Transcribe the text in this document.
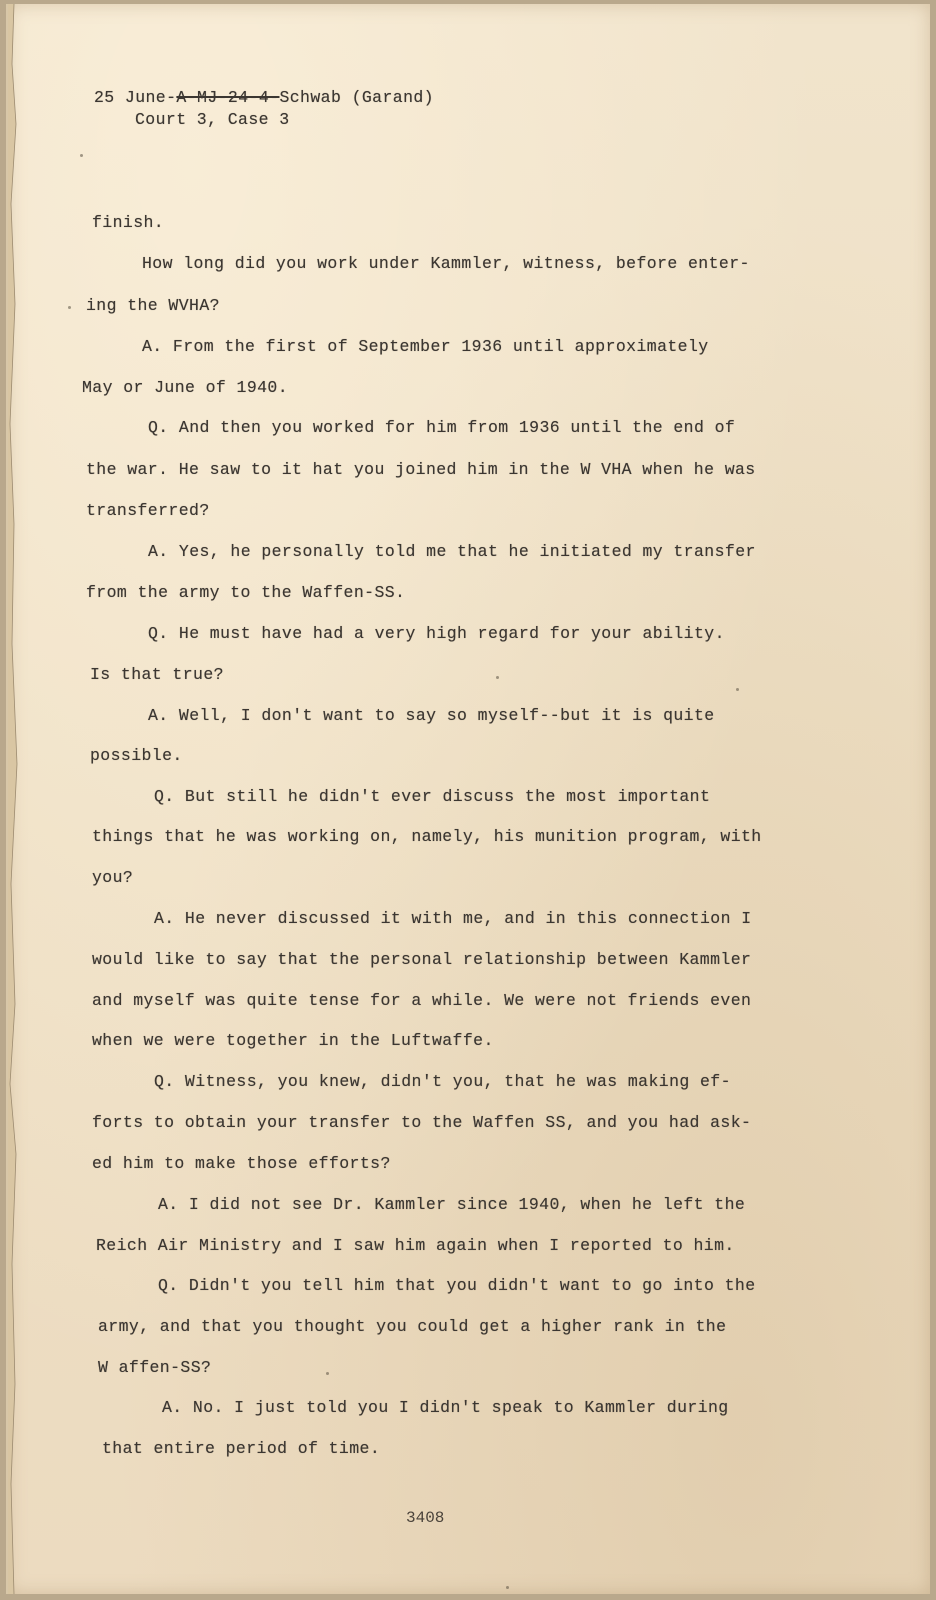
25 June-A-MJ-24-4-Schwab (Garand)
Court 3, Case 3
finish.
How long did you work under Kammler, witness, before enter-
ing the WVHA?
A. From the first of September 1936 until approximately
May or June of 1940.
Q. And then you worked for him from 1936 until the end of
the war. He saw to it hat you joined him in the W VHA when he was
transferred?
A. Yes, he personally told me that he initiated my transfer
from the army to the Waffen-SS.
Q. He must have had a very high regard for your ability.
Is that true?
A. Well, I don't want to say so myself--but it is quite
possible.
Q. But still he didn't ever discuss the most important
things that he was working on, namely, his munition program, with
you?
A. He never discussed it with me, and in this connection I
would like to say that the personal relationship between Kammler
and myself was quite tense for a while. We were not friends even
when we were together in the Luftwaffe.
Q. Witness, you knew, didn't you, that he was making ef-
forts to obtain your transfer to the Waffen SS, and you had ask-
ed him to make those efforts?
A. I did not see Dr. Kammler since 1940, when he left the
Reich Air Ministry and I saw him again when I reported to him.
Q. Didn't you tell him that you didn't want to go into the
army, and that you thought you could get a higher rank in the
W affen-SS?
A. No. I just told you I didn't speak to Kammler during
that entire period of time.
3408
